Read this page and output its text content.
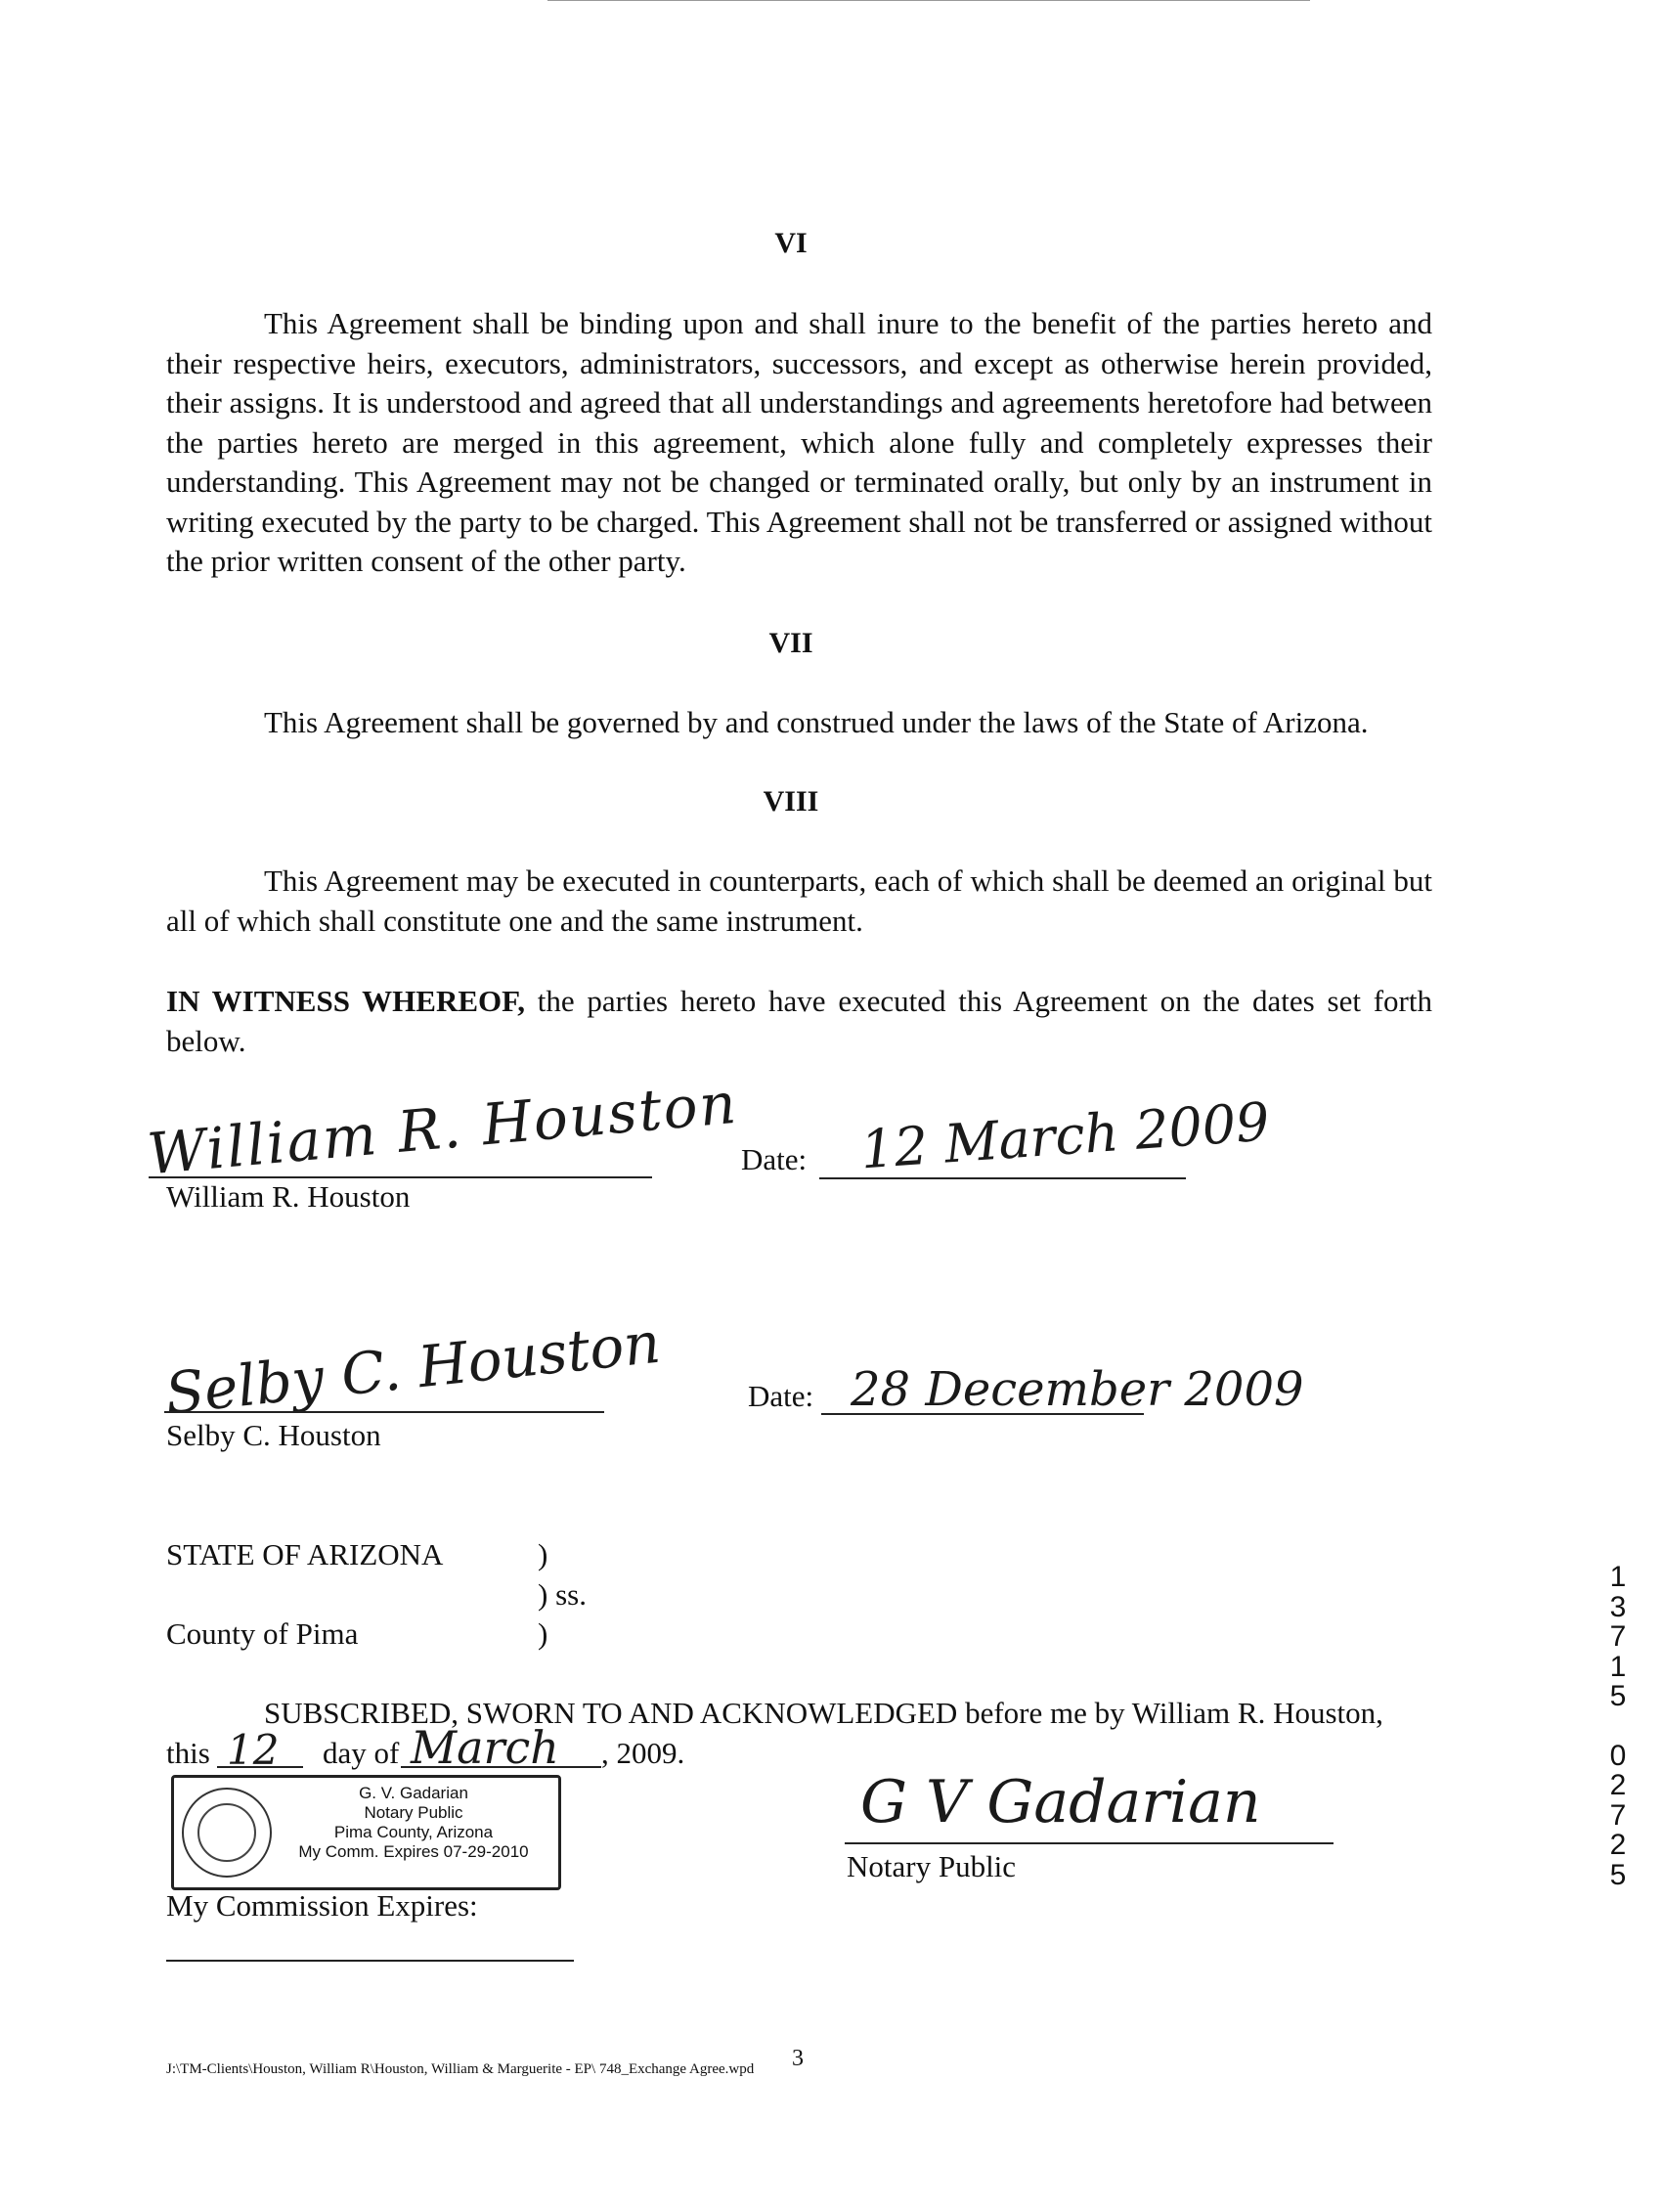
VI

This Agreement shall be binding upon and shall inure to the benefit of the parties hereto and their respective heirs, executors, administrators, successors, and except as otherwise herein provided, their assigns. It is understood and agreed that all understandings and agreements heretofore had between the parties hereto are merged in this agreement, which alone fully and completely expresses their understanding. This Agreement may not be changed or terminated orally, but only by an instrument in writing executed by the party to be charged. This Agreement shall not be transferred or assigned without the prior written consent of the other party.

VII

This Agreement shall be governed by and construed under the laws of the State of Arizona.

VIII

This Agreement may be executed in counterparts, each of which shall be deemed an original but all of which shall constitute one and the same instrument.

IN WITNESS WHEREOF, the parties hereto have executed this Agreement on the dates set forth below.

William R. Houston
William R. Houston
Date: 12 March 2009
Selby C. Houston
Selby C. Houston
Date: 28 December 2009
STATE OF ARIZONA	)
) ss.
County of Pima	)
SUBSCRIBED, SWORN TO AND ACKNOWLEDGED before me by William R. Houston,
this 12 day of March , 2009.
G. V. Gadarian
Notary Public
Pima County, Arizona
My Comm. Expires 07-29-2010
G V Gadarian
Notary Public
My Commission Expires:
1
3
7
1
5
0
2
7
2
5
J:\TM-Clients\Houston, William R\Houston, William & Marguerite - EP\ 748_Exchange Agree.wpd 3
